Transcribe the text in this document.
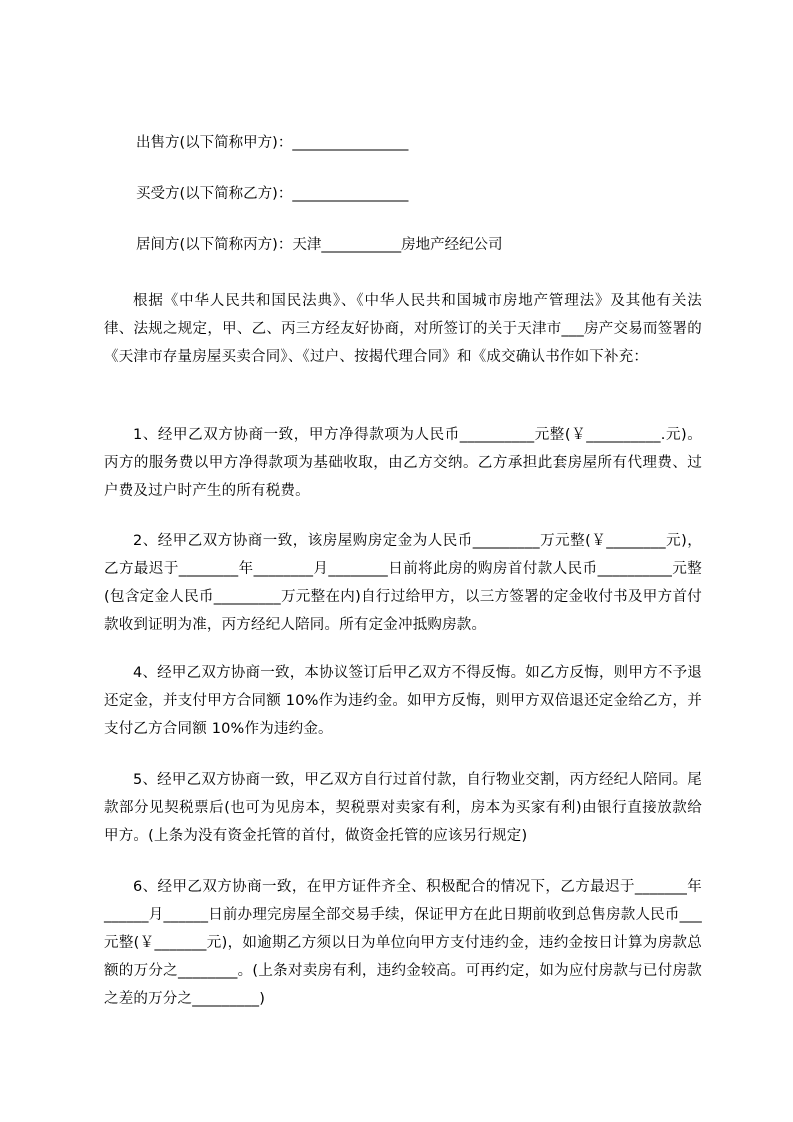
出售方(以下简称甲方)：________________
买受方(以下简称乙方)：________________
居间方(以下简称丙方)：天津___________房地产经纪公司
根据《中华人民共和国民法典》、《中华人民共和国城市房地产管理法》及其他有关法律、法规之规定，甲、乙、丙三方经友好协商，对所签订的关于天津市___房产交易而签署的《天津市存量房屋买卖合同》、《过户、按揭代理合同》和《成交确认书作如下补充：
1、经甲乙双方协商一致，甲方净得款项为人民币__________元整(￥__________.元)。丙方的服务费以甲方净得款项为基础收取，由乙方交纳。乙方承担此套房屋所有代理费、过户费及过户时产生的所有税费。
2、经甲乙双方协商一致，该房屋购房定金为人民币_________万元整(￥________元)，乙方最迟于________年________月________日前将此房的购房首付款人民币__________元整(包含定金人民币_________万元整在内)自行过给甲方，以三方签署的定金收付书及甲方首付款收到证明为准，丙方经纪人陪同。所有定金冲抵购房款。
4、经甲乙双方协商一致，本协议签订后甲乙双方不得反悔。如乙方反悔，则甲方不予退还定金，并支付甲方合同额 10%作为违约金。如甲方反悔，则甲方双倍退还定金给乙方，并支付乙方合同额 10%作为违约金。
5、经甲乙双方协商一致，甲乙双方自行过首付款，自行物业交割，丙方经纪人陪同。尾款部分见契税票后(也可为见房本，契税票对卖家有利，房本为买家有利)由银行直接放款给甲方。(上条为没有资金托管的首付，做资金托管的应该另行规定)
6、经甲乙双方协商一致，在甲方证件齐全、积极配合的情况下，乙方最迟于_______年______月______日前办理完房屋全部交易手续，保证甲方在此日期前收到总售房款人民币___元整(￥_______元)，如逾期乙方须以日为单位向甲方支付违约金，违约金按日计算为房款总额的万分之________。(上条对卖房有利，违约金较高。可再约定，如为应付房款与已付房款之差的万分之_________)
